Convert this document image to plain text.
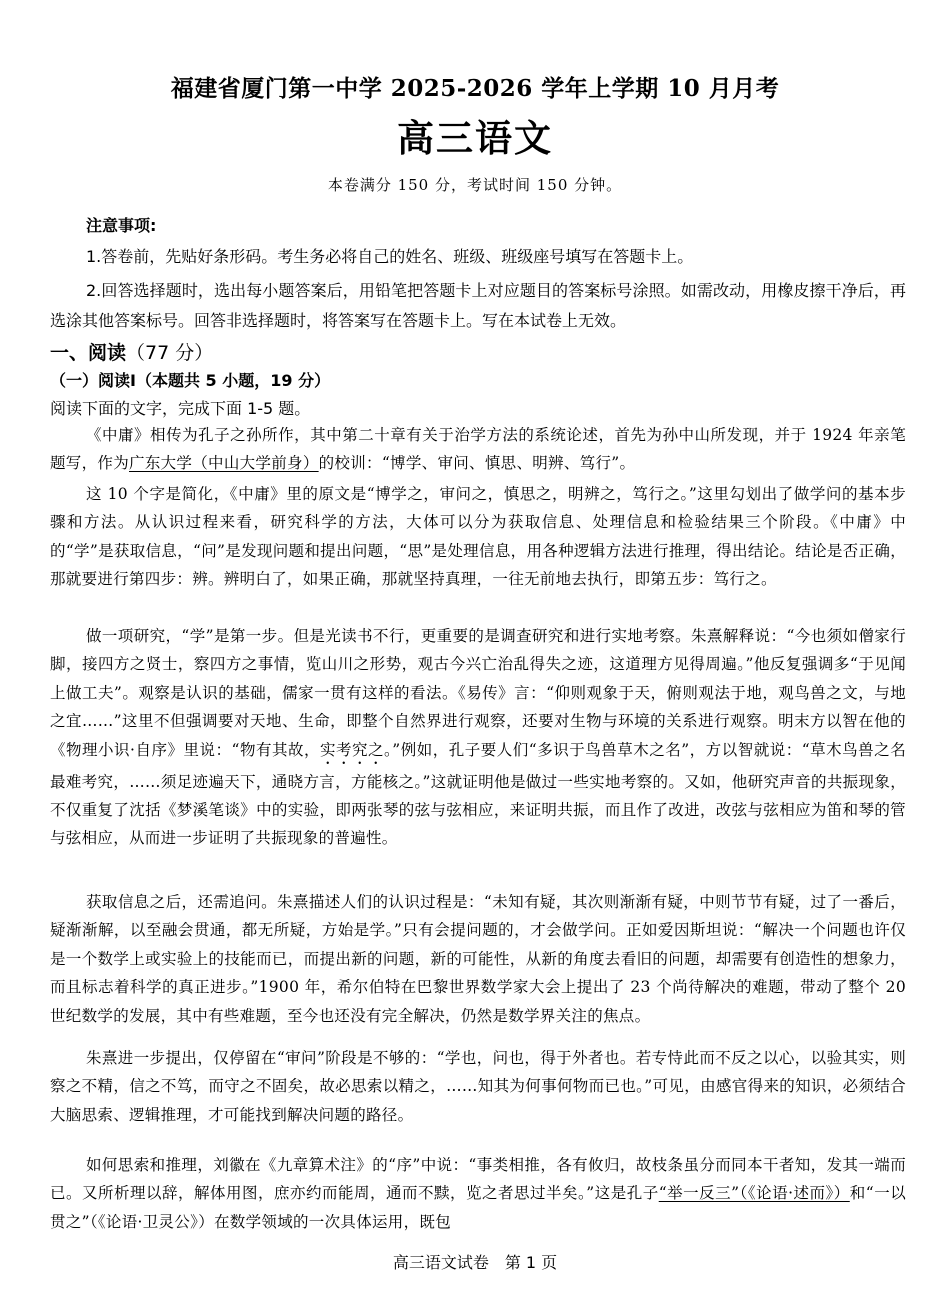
福建省厦门第一中学 2025-2026 学年上学期 10 月月考
高三语文
本卷满分 150 分，考试时间 150 分钟。
注意事项:
1.答卷前，先贴好条形码。考生务必将自己的姓名、班级、班级座号填写在答题卡上。
2.回答选择题时，选出每小题答案后，用铅笔把答题卡上对应题目的答案标号涂照。如需改动，用橡皮擦干净后，再选涂其他答案标号。回答非选择题时，将答案写在答题卡上。写在本试卷上无效。
一、阅读（77 分）
（一）阅读Ⅰ（本题共 5 小题，19 分）
阅读下面的文字，完成下面 1-5 题。
《中庸》相传为孔子之孙所作，其中第二十章有关于治学方法的系统论述，首先为孙中山所发现，并于 1924 年亲笔题写，作为广东大学（中山大学前身）的校训：“博学、审问、慎思、明辨、笃行”。
这 10 个字是简化，《中庸》里的原文是“博学之，审问之，慎思之，明辨之，笃行之。”这里勾划出了做学问的基本步骤和方法。从认识过程来看，研究科学的方法，大体可以分为获取信息、处理信息和检验结果三个阶段。《中庸》中的“学”是获取信息，“问”是发现问题和提出问题，“思”是处理信息，用各种逻辑方法进行推理，得出结论。结论是否正确，那就要进行第四步：辨。辨明白了，如果正确，那就坚持真理，一往无前地去执行，即第五步：笃行之。
做一项研究，“学”是第一步。但是光读书不行，更重要的是调查研究和进行实地考察。朱熹解释说：“今也须如僧家行脚，接四方之贤士，察四方之事情，览山川之形势，观古今兴亡治乱得失之迹，这道理方见得周遍。”他反复强调多“于见闻上做工夫”。观察是认识的基础，儒家一贯有这样的看法。《易传》言：“仰则观象于天，俯则观法于地，观鸟兽之文，与地之宜……”这里不但强调要对天地、生命，即整个自然界进行观察，还要对生物与环境的关系进行观察。明末方以智在他的《物理小识·自序》里说：“物有其故，实考究之。”例如，孔子要人们“多识于鸟兽草木之名”，方以智就说：“草木鸟兽之名最难考究，……须足迹遍天下，通晓方言，方能核之。”这就证明他是做过一些实地考察的。又如，他研究声音的共振现象，不仅重复了沈括《梦溪笔谈》中的实验，即两张琴的弦与弦相应，来证明共振，而且作了改进，改弦与弦相应为笛和琴的管与弦相应，从而进一步证明了共振现象的普遍性。
获取信息之后，还需追问。朱熹描述人们的认识过程是：“未知有疑，其次则渐渐有疑，中则节节有疑，过了一番后，疑渐渐解，以至融会贯通，都无所疑，方始是学。”只有会提问题的，才会做学问。正如爱因斯坦说：“解决一个问题也许仅是一个数学上或实验上的技能而已，而提出新的问题，新的可能性，从新的角度去看旧的问题，却需要有创造性的想象力，而且标志着科学的真正进步。”1900 年，希尔伯特在巴黎世界数学家大会上提出了 23 个尚待解决的难题，带动了整个 20 世纪数学的发展，其中有些难题，至今也还没有完全解决，仍然是数学界关注的焦点。
朱熹进一步提出，仅停留在“审问”阶段是不够的：“学也，问也，得于外者也。若专恃此而不反之以心，以验其实，则察之不精，信之不笃，而守之不固矣，故必思索以精之，……知其为何事何物而已也。”可见，由感官得来的知识，必须结合大脑思索、逻辑推理，才可能找到解决问题的路径。
如何思索和推理，刘徽在《九章算术注》的“序”中说：“事类相推，各有攸归，故枝条虽分而同本干者知，发其一端而已。又所析理以辞，解体用图，庶亦约而能周，通而不黩，览之者思过半矣。”这是孔子“举一反三”（《论语·述而》）和“一以贯之”（《论语·卫灵公》）在数学领域的一次具体运用，既包
高三语文试卷　第 1 页
